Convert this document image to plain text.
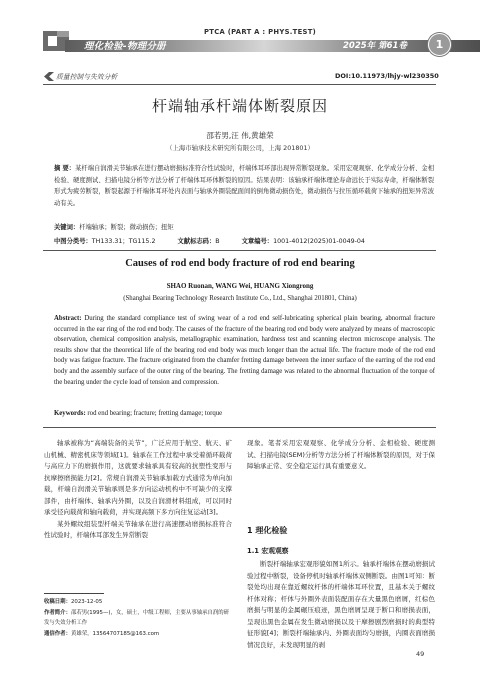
理化检验-物理分册
PTCA (PART A : PHYS.TEST)
2025年 第61卷	1
质量控制与失效分析	DOI:10.11973/lhjy-wl230350
杆端轴承杆端体断裂原因
邵若男,汪 伟,黄雄荣
（上海市轴承技术研究所有限公司，上海 201801）
摘 要：某杆端自润滑关节轴承在进行摆动磨损标准符合性试验时，杆端体耳环部出现异常断裂现象。采用宏观观察、化学成分分析、金相检验、硬度测试、扫描电镜分析等方法分析了杆端体耳环体断裂的原因。结果表明：该轴承杆端体理论寿命远长于实际寿命，杆端体断裂形式为疲劳断裂，断裂起源于杆端体耳环处内表面与轴承外圈装配面间的倒角微动损伤处，微动损伤与拉压循环载荷下轴承的扭矩异常波动有关。
关键词：杆端轴承；断裂；微动损伤；扭矩
中图分类号：TH133.31；TG115.2	文献标志码：B	文章编号：1001-4012(2025)01-0049-04
Causes of rod end body fracture of rod end bearing
SHAO Ruonan, WANG Wei, HUANG Xiongrong
(Shanghai Bearing Technology Research Institute Co., Ltd., Shanghai 201801, China)
Abstract: During the standard compliance test of swing wear of a rod end self-lubricating spherical plain bearing, abnormal fracture occurred in the ear ring of the rod end body. The causes of the fracture of the bearing rod end body were analyzed by means of macroscopic observation, chemical composition analysis, metallographic examination, hardness test and scanning electron microscope analysis. The results show that the theoretical life of the bearing rod end body was much longer than the actual life. The fracture mode of the rod end body was fatigue fracture. The fracture originated from the chamfer fretting damage between the inner surface of the earring of the rod end body and the assembly surface of the outer ring of the bearing. The fretting damage was related to the abnormal fluctuation of the torque of the bearing under the cycle load of tension and compression.
Keywords: rod end bearing; fracture; fretting damage; torque

轴承被称为“高端装备的关节”，广泛应用于航空、航天、矿山机械、精密机床等领域[1]。轴承在工作过程中承受着循环载荷与高应力下的磨损作用，这就要求轴承具有较高的抗塑性变形与抗摩擦磨损能力[2]。常规自润滑关节轴承加载方式通常为单向加载，杆端自润滑关节轴承则是多方向运动机构中不可缺少的支撑部件，由杆端体、轴承内外圈，以及自润滑材料组成，可以同时承受径向载荷和轴向载荷，并实现高频下多方向往复运动[3]。

某外螺纹组装型杆端关节轴承在进行高速摆动磨损标准符合性试验时，杆端体耳部发生异常断裂

现象。笔者采用宏观观察、化学成分分析、金相检验、硬度测试、扫描电镜(SEM)分析等方法分析了杆端体断裂的原因，对于保障轴承正常、安全稳定运行具有重要意义。

1 理化检验
1.1 宏观观察

断裂杆端轴承宏观形貌如图1所示。轴承杆端体在摆动磨损试验过程中断裂，设备停机时轴承杆端体双侧断裂。由图1可知：断裂处均出现在靠近螺纹杆体的杆端体耳环位置，且基本关于螺纹杆体对称；杆体与外圈外表面装配面存在大量黑色磨屑，红棕色磨损与明显的金属碾压痕迹，黑色磨屑呈现于断口和磨损表面，呈现出黑色金属在发生微动磨损以及干摩擦剧烈磨损时的典型特征形貌[4]；断裂杆端轴承内、外圈表面均匀磨损，内圈表面磨损情况良好，未发现明显的剥

收稿日期：2023-12-05
作者简介：邵若男(1995—)，女，硕士，中级工程师，主要从事轴承自润的研发与失效分析工作
通信作者：黄雄荣，13564707185@163.com
49
